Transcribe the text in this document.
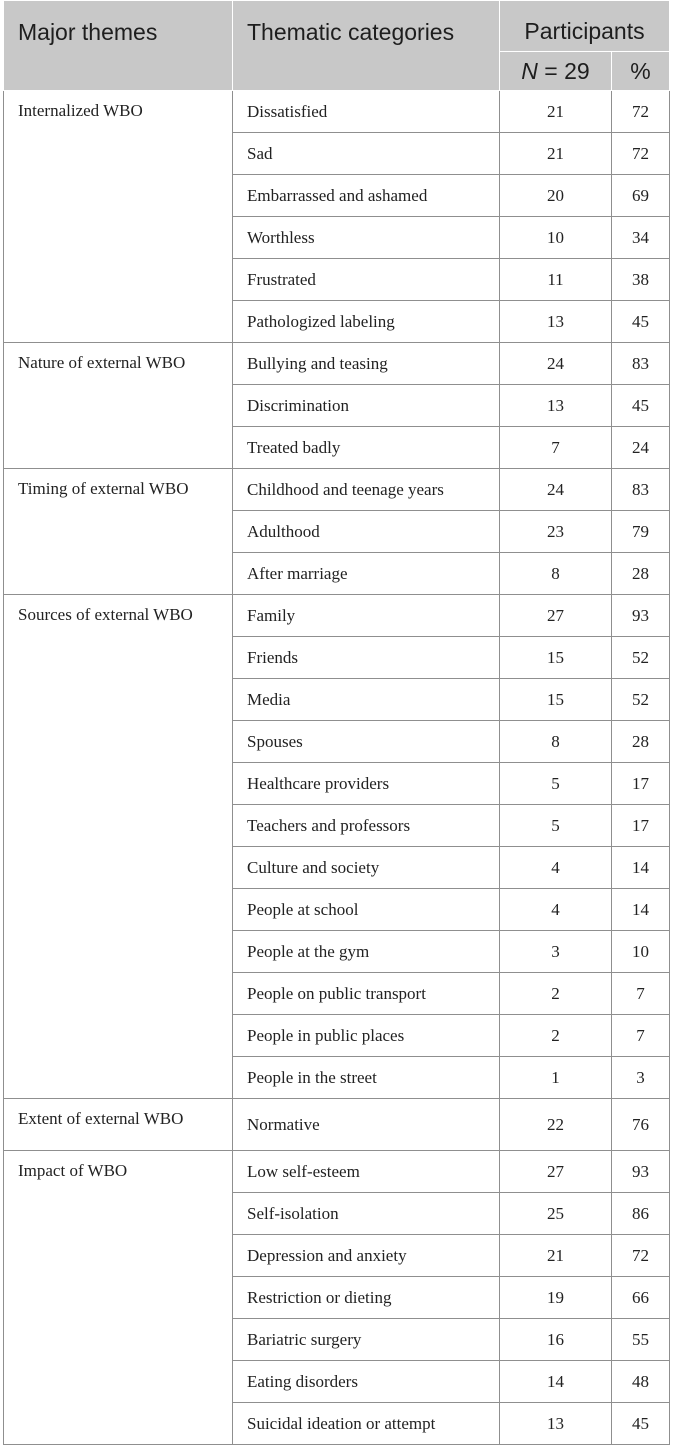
Major themes	Thematic categories	Participants	
		N = 29	%
Internalized WBO	Dissatisfied	21	72
	Sad	21	72
	Embarrassed and ashamed	20	69
	Worthless	10	34
	Frustrated	11	38
	Pathologized labeling	13	45
Nature of external WBO	Bullying and teasing	24	83
	Discrimination	13	45
	Treated badly	7	24
Timing of external WBO	Childhood and teenage years	24	83
	Adulthood	23	79
	After marriage	8	28
Sources of external WBO	Family	27	93
	Friends	15	52
	Media	15	52
	Spouses	8	28
	Healthcare providers	5	17
	Teachers and professors	5	17
	Culture and society	4	14
	People at school	4	14
	People at the gym	3	10
	People on public transport	2	7
	People in public places	2	7
	People in the street	1	3
Extent of external WBO	Normative	22	76
Impact of WBO	Low self-esteem	27	93
	Self-isolation	25	86
	Depression and anxiety	21	72
	Restriction or dieting	19	66
	Bariatric surgery	16	55
	Eating disorders	14	48
	Suicidal ideation or attempt	13	45
